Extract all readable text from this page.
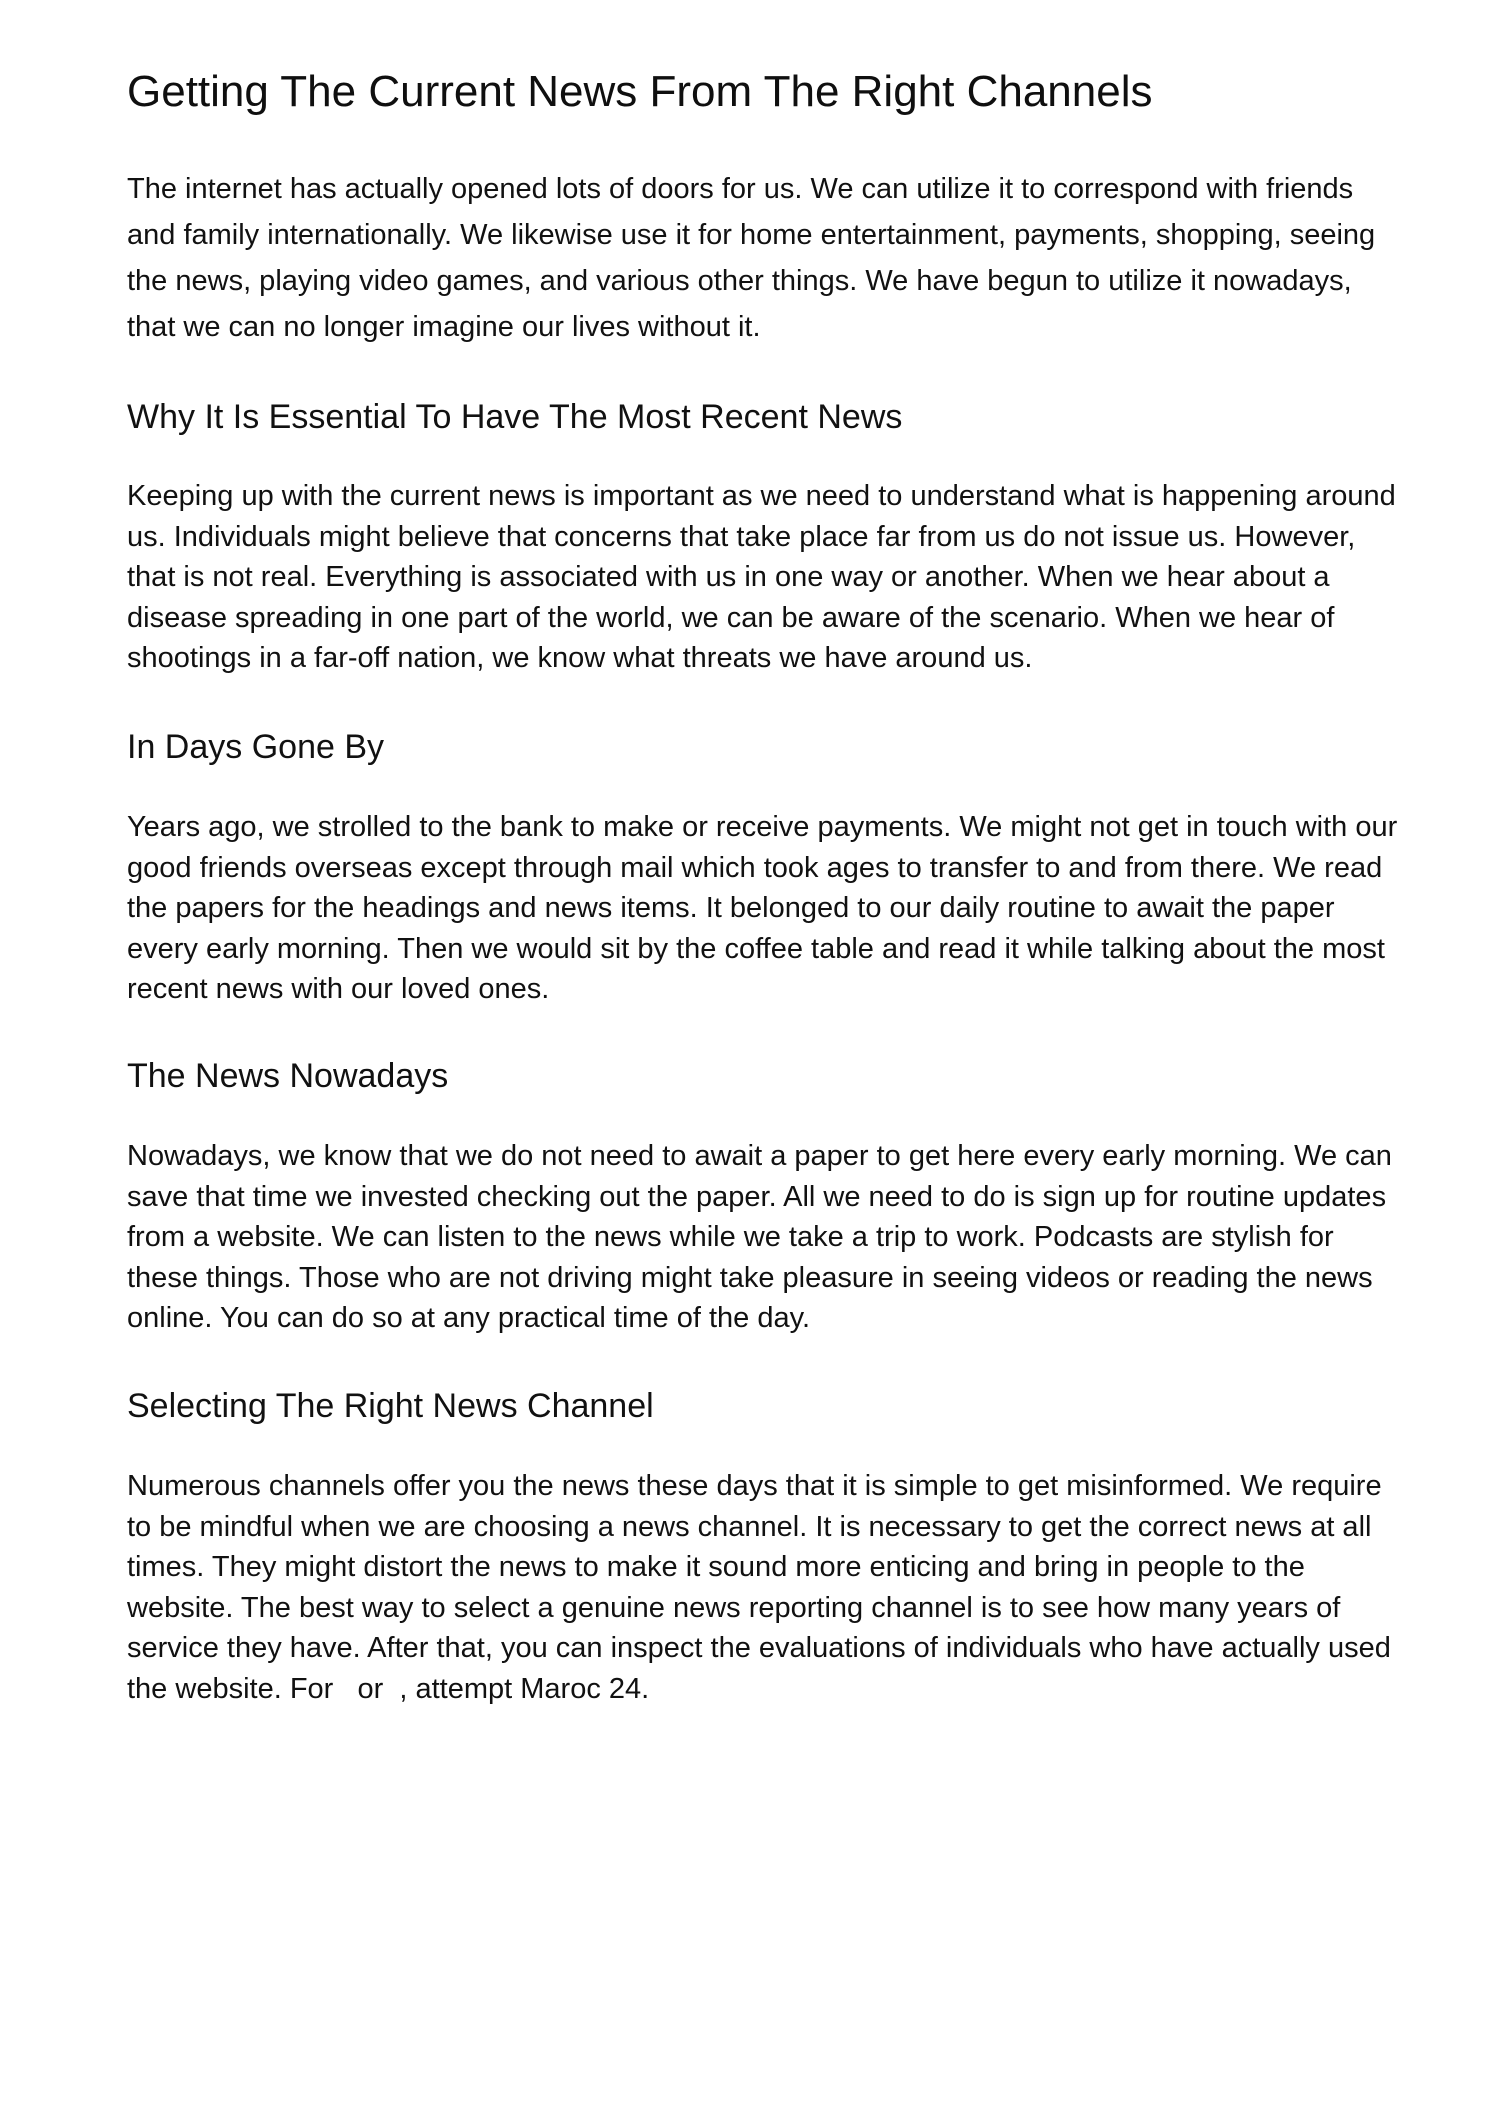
Getting The Current News From The Right Channels

The internet has actually opened lots of doors for us. We can utilize it to correspond with friends and family internationally. We likewise use it for home entertainment, payments, shopping, seeing the news, playing video games, and various other things. We have begun to utilize it nowadays, that we can no longer imagine our lives without it.

Why It Is Essential To Have The Most Recent News

Keeping up with the current news is important as we need to understand what is happening around us. Individuals might believe that concerns that take place far from us do not issue us. However, that is not real. Everything is associated with us in one way or another. When we hear about a disease spreading in one part of the world, we can be aware of the scenario. When we hear of shootings in a far-off nation, we know what threats we have around us.

In Days Gone By

Years ago, we strolled to the bank to make or receive payments. We might not get in touch with our good friends overseas except through mail which took ages to transfer to and from there. We read the papers for the headings and news items. It belonged to our daily routine to await the paper every early morning. Then we would sit by the coffee table and read it while talking about the most recent news with our loved ones.

The News Nowadays

Nowadays, we know that we do not need to await a paper to get here every early morning. We can save that time we invested checking out the paper. All we need to do is sign up for routine updates from a website. We can listen to the news while we take a trip to work. Podcasts are stylish for these things. Those who are not driving might take pleasure in seeing videos or reading the news online. You can do so at any practical time of the day.

Selecting The Right News Channel

Numerous channels offer you the news these days that it is simple to get misinformed. We require to be mindful when we are choosing a news channel. It is necessary to get the correct news at all times. They might distort the news to make it sound more enticing and bring in people to the website. The best way to select a genuine news reporting channel is to see how many years of service they have. After that, you can inspect the evaluations of individuals who have actually used the website. For   or  , attempt Maroc 24.
